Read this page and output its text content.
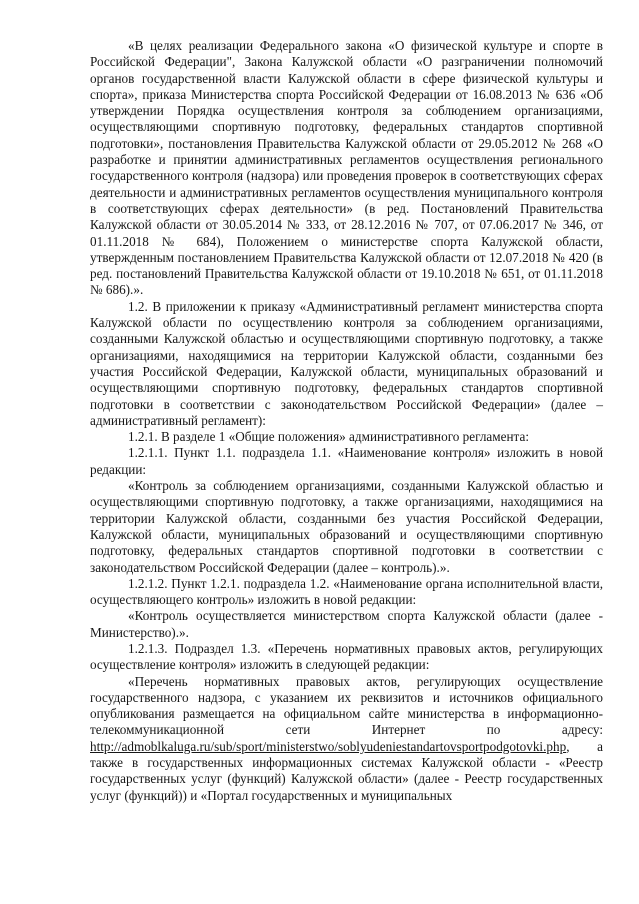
«В целях реализации Федерального закона «О физической культуре и спорте в Российской Федерации", Закона Калужской области «О разграничении полномочий органов государственной власти Калужской области в сфере физической культуры и спорта», приказа Министерства спорта Российской Федерации от 16.08.2013 № 636 «Об утверждении Порядка осуществления контроля за соблюдением организациями, осуществляющими спортивную подготовку, федеральных стандартов спортивной подготовки», постановления Правительства Калужской области от 29.05.2012 № 268 «О разработке и принятии административных регламентов осуществления регионального государственного контроля (надзора) или проведения проверок в соответствующих сферах деятельности и административных регламентов осуществления муниципального контроля в соответствующих сферах деятельности» (в ред. Постановлений Правительства Калужской области от 30.05.2014 № 333, от 28.12.2016 № 707, от 07.06.2017 № 346, от 01.11.2018 № 684), Положением о министерстве спорта Калужской области, утвержденным постановлением Правительства Калужской области от 12.07.2018 № 420 (в ред. постановлений Правительства Калужской области от 19.10.2018 № 651, от 01.11.2018 № 686).».

1.2. В приложении к приказу «Административный регламент министерства спорта Калужской области по осуществлению контроля за соблюдением организациями, созданными Калужской областью и осуществляющими спортивную подготовку, а также организациями, находящимися на территории Калужской области, созданными без участия Российской Федерации, Калужской области, муниципальных образований и осуществляющими спортивную подготовку, федеральных стандартов спортивной подготовки в соответствии с законодательством Российской Федерации» (далее – административный регламент):

1.2.1. В разделе 1 «Общие положения» административного регламента:

1.2.1.1. Пункт 1.1. подраздела 1.1. «Наименование контроля» изложить в новой редакции:

«Контроль за соблюдением организациями, созданными Калужской областью и осуществляющими спортивную подготовку, а также организациями, находящимися на территории Калужской области, созданными без участия Российской Федерации, Калужской области, муниципальных образований и осуществляющими спортивную подготовку, федеральных стандартов спортивной подготовки в соответствии с законодательством Российской Федерации (далее – контроль).».

1.2.1.2. Пункт 1.2.1. подраздела 1.2. «Наименование органа исполнительной власти, осуществляющего контроль» изложить в новой редакции:

«Контроль осуществляется министерством спорта Калужской области (далее - Министерство).».

1.2.1.3. Подраздел 1.3. «Перечень нормативных правовых актов, регулирующих осуществление контроля» изложить в следующей редакции:

«Перечень нормативных правовых актов, регулирующих осуществление государственного надзора, с указанием их реквизитов и источников официального опубликования размещается на официальном сайте министерства в информационно-телекоммуникационной сети Интернет по адресу: http://admoblkaluga.ru/sub/sport/ministerstwo/soblyudeniestandartovsportpodgotovki.php, а также в государственных информационных системах Калужской области - «Реестр государственных услуг (функций) Калужской области» (далее - Реестр государственных услуг (функций)) и «Портал государственных и муниципальных
